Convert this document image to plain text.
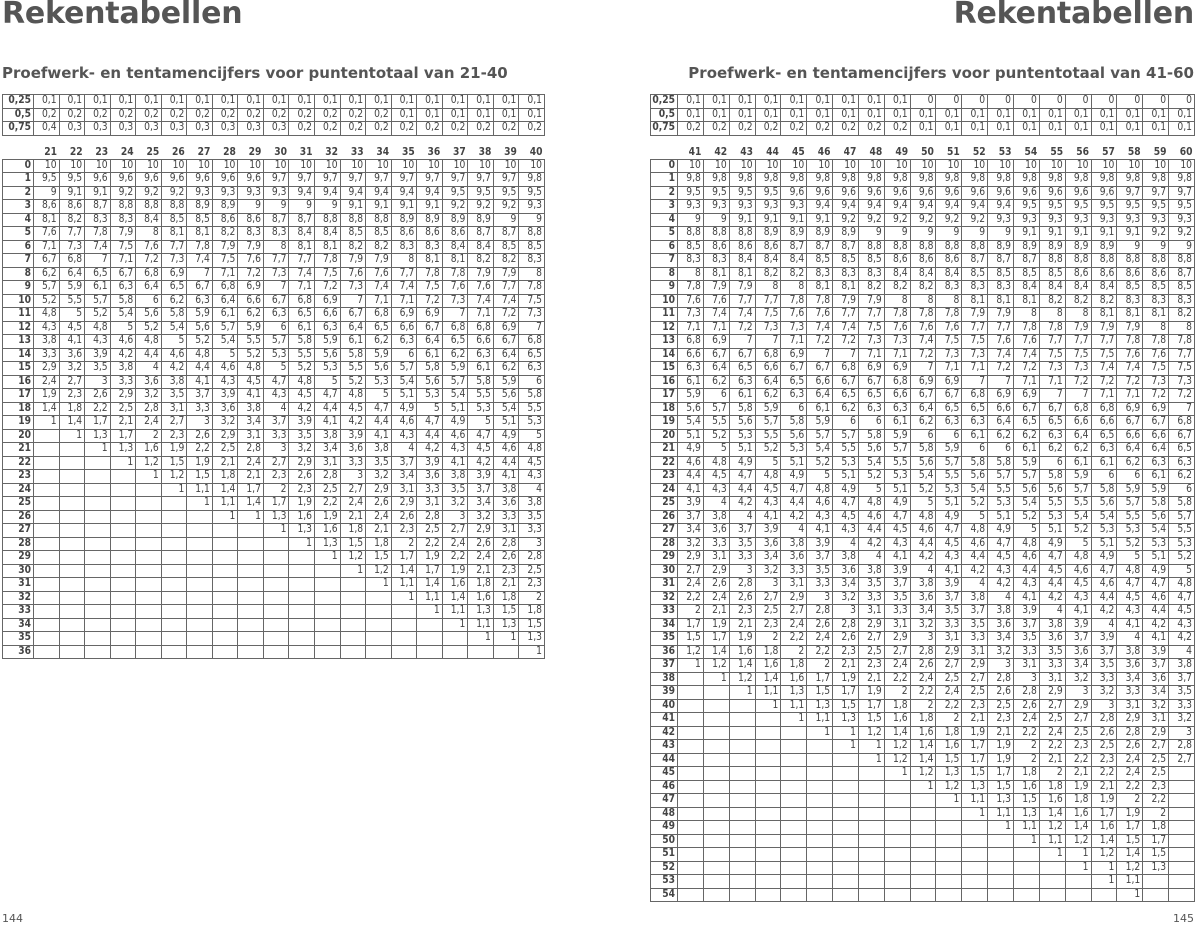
Rekentabellen
Proefwerk- en tentamencijfers voor puntentotaal van 21-40
0,25	0,1	0,1	0,1	0,1	0,1	0,1	0,1	0,1	0,1	0,1	0,1	0,1	0,1	0,1	0,1	0,1	0,1	0,1	0,1	0,1
0,5	0,2	0,2	0,2	0,2	0,2	0,2	0,2	0,2	0,2	0,2	0,2	0,2	0,2	0,2	0,1	0,1	0,1	0,1	0,1	0,1
0,75	0,4	0,3	0,3	0,3	0,3	0,3	0,3	0,3	0,3	0,3	0,2	0,2	0,2	0,2	0,2	0,2	0,2	0,2	0,2	0,2

	21	22	23	24	25	26	27	28	29	30	31	32	33	34	35	36	37	38	39	40
0	10	10	10	10	10	10	10	10	10	10	10	10	10	10	10	10	10	10	10	10
1	9,5	9,5	9,6	9,6	9,6	9,6	9,6	9,6	9,6	9,7	9,7	9,7	9,7	9,7	9,7	9,7	9,7	9,7	9,7	9,8
2	9	9,1	9,1	9,2	9,2	9,2	9,3	9,3	9,3	9,3	9,4	9,4	9,4	9,4	9,4	9,4	9,5	9,5	9,5	9,5
3	8,6	8,6	8,7	8,8	8,8	8,8	8,9	8,9	9	9	9	9	9,1	9,1	9,1	9,1	9,2	9,2	9,2	9,3
4	8,1	8,2	8,3	8,3	8,4	8,5	8,5	8,6	8,6	8,7	8,7	8,8	8,8	8,8	8,9	8,9	8,9	8,9	9	9
5	7,6	7,7	7,8	7,9	8	8,1	8,1	8,2	8,3	8,3	8,4	8,4	8,5	8,5	8,6	8,6	8,6	8,7	8,7	8,8
6	7,1	7,3	7,4	7,5	7,6	7,7	7,8	7,9	7,9	8	8,1	8,1	8,2	8,2	8,3	8,3	8,4	8,4	8,5	8,5
7	6,7	6,8	7	7,1	7,2	7,3	7,4	7,5	7,6	7,7	7,7	7,8	7,9	7,9	8	8,1	8,1	8,2	8,2	8,3
8	6,2	6,4	6,5	6,7	6,8	6,9	7	7,1	7,2	7,3	7,4	7,5	7,6	7,6	7,7	7,8	7,8	7,9	7,9	8
9	5,7	5,9	6,1	6,3	6,4	6,5	6,7	6,8	6,9	7	7,1	7,2	7,3	7,4	7,4	7,5	7,6	7,6	7,7	7,8
10	5,2	5,5	5,7	5,8	6	6,2	6,3	6,4	6,6	6,7	6,8	6,9	7	7,1	7,1	7,2	7,3	7,4	7,4	7,5
11	4,8	5	5,2	5,4	5,6	5,8	5,9	6,1	6,2	6,3	6,5	6,6	6,7	6,8	6,9	6,9	7	7,1	7,2	7,3
12	4,3	4,5	4,8	5	5,2	5,4	5,6	5,7	5,9	6	6,1	6,3	6,4	6,5	6,6	6,7	6,8	6,8	6,9	7
13	3,8	4,1	4,3	4,6	4,8	5	5,2	5,4	5,5	5,7	5,8	5,9	6,1	6,2	6,3	6,4	6,5	6,6	6,7	6,8
14	3,3	3,6	3,9	4,2	4,4	4,6	4,8	5	5,2	5,3	5,5	5,6	5,8	5,9	6	6,1	6,2	6,3	6,4	6,5
15	2,9	3,2	3,5	3,8	4	4,2	4,4	4,6	4,8	5	5,2	5,3	5,5	5,6	5,7	5,8	5,9	6,1	6,2	6,3
16	2,4	2,7	3	3,3	3,6	3,8	4,1	4,3	4,5	4,7	4,8	5	5,2	5,3	5,4	5,6	5,7	5,8	5,9	6
17	1,9	2,3	2,6	2,9	3,2	3,5	3,7	3,9	4,1	4,3	4,5	4,7	4,8	5	5,1	5,3	5,4	5,5	5,6	5,8
18	1,4	1,8	2,2	2,5	2,8	3,1	3,3	3,6	3,8	4	4,2	4,4	4,5	4,7	4,9	5	5,1	5,3	5,4	5,5
19	1	1,4	1,7	2,1	2,4	2,7	3	3,2	3,4	3,7	3,9	4,1	4,2	4,4	4,6	4,7	4,9	5	5,1	5,3
20		1	1,3	1,7	2	2,3	2,6	2,9	3,1	3,3	3,5	3,8	3,9	4,1	4,3	4,4	4,6	4,7	4,9	5
21			1	1,3	1,6	1,9	2,2	2,5	2,8	3	3,2	3,4	3,6	3,8	4	4,2	4,3	4,5	4,6	4,8
22				1	1,2	1,5	1,9	2,1	2,4	2,7	2,9	3,1	3,3	3,5	3,7	3,9	4,1	4,2	4,4	4,5
23					1	1,2	1,5	1,8	2,1	2,3	2,6	2,8	3	3,2	3,4	3,6	3,8	3,9	4,1	4,3
24						1	1,1	1,4	1,7	2	2,3	2,5	2,7	2,9	3,1	3,3	3,5	3,7	3,8	4
25							1	1,1	1,4	1,7	1,9	2,2	2,4	2,6	2,9	3,1	3,2	3,4	3,6	3,8
26								1	1	1,3	1,6	1,9	2,1	2,4	2,6	2,8	3	3,2	3,3	3,5
27										1	1,3	1,6	1,8	2,1	2,3	2,5	2,7	2,9	3,1	3,3
28											1	1,3	1,5	1,8	2	2,2	2,4	2,6	2,8	3
29												1	1,2	1,5	1,7	1,9	2,2	2,4	2,6	2,8
30													1	1,2	1,4	1,7	1,9	2,1	2,3	2,5
31														1	1,1	1,4	1,6	1,8	2,1	2,3
32															1	1,1	1,4	1,6	1,8	2
33																1	1,1	1,3	1,5	1,8
34																	1	1,1	1,3	1,5
35																		1	1	1,3
36																				1
144
Rekentabellen
Proefwerk- en tentamencijfers voor puntentotaal van 41-60
0,25	0,1	0,1	0,1	0,1	0,1	0,1	0,1	0,1	0,1	0	0	0	0	0	0	0	0	0	0	0
0,5	0,1	0,1	0,1	0,1	0,1	0,1	0,1	0,1	0,1	0,1	0,1	0,1	0,1	0,1	0,1	0,1	0,1	0,1	0,1	0,1
0,75	0,2	0,2	0,2	0,2	0,2	0,2	0,2	0,2	0,2	0,1	0,1	0,1	0,1	0,1	0,1	0,1	0,1	0,1	0,1	0,1

	41	42	43	44	45	46	47	48	49	50	51	52	53	54	55	56	57	58	59	60
0	10	10	10	10	10	10	10	10	10	10	10	10	10	10	10	10	10	10	10	10
1	9,8	9,8	9,8	9,8	9,8	9,8	9,8	9,8	9,8	9,8	9,8	9,8	9,8	9,8	9,8	9,8	9,8	9,8	9,8	9,8
2	9,5	9,5	9,5	9,5	9,6	9,6	9,6	9,6	9,6	9,6	9,6	9,6	9,6	9,6	9,6	9,6	9,6	9,7	9,7	9,7
3	9,3	9,3	9,3	9,3	9,3	9,4	9,4	9,4	9,4	9,4	9,4	9,4	9,4	9,5	9,5	9,5	9,5	9,5	9,5	9,5
4	9	9	9,1	9,1	9,1	9,1	9,2	9,2	9,2	9,2	9,2	9,2	9,3	9,3	9,3	9,3	9,3	9,3	9,3	9,3
5	8,8	8,8	8,8	8,9	8,9	8,9	8,9	9	9	9	9	9	9	9,1	9,1	9,1	9,1	9,1	9,2	9,2
6	8,5	8,6	8,6	8,6	8,7	8,7	8,7	8,8	8,8	8,8	8,8	8,8	8,9	8,9	8,9	8,9	8,9	9	9	9
7	8,3	8,3	8,4	8,4	8,4	8,5	8,5	8,5	8,6	8,6	8,6	8,7	8,7	8,7	8,8	8,8	8,8	8,8	8,8	8,8
8	8	8,1	8,1	8,2	8,2	8,3	8,3	8,3	8,4	8,4	8,4	8,5	8,5	8,5	8,5	8,6	8,6	8,6	8,6	8,7
9	7,8	7,9	7,9	8	8	8,1	8,1	8,2	8,2	8,2	8,3	8,3	8,3	8,4	8,4	8,4	8,4	8,5	8,5	8,5
10	7,6	7,6	7,7	7,7	7,8	7,8	7,9	7,9	8	8	8	8,1	8,1	8,1	8,2	8,2	8,2	8,3	8,3	8,3
11	7,3	7,4	7,4	7,5	7,6	7,6	7,7	7,7	7,8	7,8	7,8	7,9	7,9	8	8	8	8,1	8,1	8,1	8,2
12	7,1	7,1	7,2	7,3	7,3	7,4	7,4	7,5	7,6	7,6	7,6	7,7	7,7	7,8	7,8	7,9	7,9	7,9	8	8
13	6,8	6,9	7	7	7,1	7,2	7,2	7,3	7,3	7,4	7,5	7,5	7,6	7,6	7,7	7,7	7,7	7,8	7,8	7,8
14	6,6	6,7	6,7	6,8	6,9	7	7	7,1	7,1	7,2	7,3	7,3	7,4	7,4	7,5	7,5	7,5	7,6	7,6	7,7
15	6,3	6,4	6,5	6,6	6,7	6,7	6,8	6,9	6,9	7	7,1	7,1	7,2	7,2	7,3	7,3	7,4	7,4	7,5	7,5
16	6,1	6,2	6,3	6,4	6,5	6,6	6,7	6,7	6,8	6,9	6,9	7	7	7,1	7,1	7,2	7,2	7,2	7,3	7,3
17	5,9	6	6,1	6,2	6,3	6,4	6,5	6,5	6,6	6,7	6,7	6,8	6,9	6,9	7	7	7,1	7,1	7,2	7,2
18	5,6	5,7	5,8	5,9	6	6,1	6,2	6,3	6,3	6,4	6,5	6,5	6,6	6,7	6,7	6,8	6,8	6,9	6,9	7
19	5,4	5,5	5,6	5,7	5,8	5,9	6	6	6,1	6,2	6,3	6,3	6,4	6,5	6,5	6,6	6,6	6,7	6,7	6,8
20	5,1	5,2	5,3	5,5	5,6	5,7	5,7	5,8	5,9	6	6	6,1	6,2	6,2	6,3	6,4	6,5	6,6	6,6	6,7
21	4,9	5	5,1	5,2	5,3	5,4	5,5	5,6	5,7	5,8	5,9	6	6	6,1	6,2	6,2	6,3	6,4	6,4	6,5
22	4,6	4,8	4,9	5	5,1	5,2	5,3	5,4	5,5	5,6	5,7	5,8	5,8	5,9	6	6,1	6,1	6,2	6,3	6,3
23	4,4	4,5	4,7	4,8	4,9	5	5,1	5,2	5,3	5,4	5,5	5,6	5,7	5,7	5,8	5,9	6	6	6,1	6,2
24	4,1	4,3	4,4	4,5	4,7	4,8	4,9	5	5,1	5,2	5,3	5,4	5,5	5,6	5,6	5,7	5,8	5,9	5,9	6
25	3,9	4	4,2	4,3	4,4	4,6	4,7	4,8	4,9	5	5,1	5,2	5,3	5,4	5,5	5,5	5,6	5,7	5,8	5,8
26	3,7	3,8	4	4,1	4,2	4,3	4,5	4,6	4,7	4,8	4,9	5	5,1	5,2	5,3	5,4	5,4	5,5	5,6	5,7
27	3,4	3,6	3,7	3,9	4	4,1	4,3	4,4	4,5	4,6	4,7	4,8	4,9	5	5,1	5,2	5,3	5,3	5,4	5,5
28	3,2	3,3	3,5	3,6	3,8	3,9	4	4,2	4,3	4,4	4,5	4,6	4,7	4,8	4,9	5	5,1	5,2	5,3	5,3
29	2,9	3,1	3,3	3,4	3,6	3,7	3,8	4	4,1	4,2	4,3	4,4	4,5	4,6	4,7	4,8	4,9	5	5,1	5,2
30	2,7	2,9	3	3,2	3,3	3,5	3,6	3,8	3,9	4	4,1	4,2	4,3	4,4	4,5	4,6	4,7	4,8	4,9	5
31	2,4	2,6	2,8	3	3,1	3,3	3,4	3,5	3,7	3,8	3,9	4	4,2	4,3	4,4	4,5	4,6	4,7	4,7	4,8
32	2,2	2,4	2,6	2,7	2,9	3	3,2	3,3	3,5	3,6	3,7	3,8	4	4,1	4,2	4,3	4,4	4,5	4,6	4,7
33	2	2,1	2,3	2,5	2,7	2,8	3	3,1	3,3	3,4	3,5	3,7	3,8	3,9	4	4,1	4,2	4,3	4,4	4,5
34	1,7	1,9	2,1	2,3	2,4	2,6	2,8	2,9	3,1	3,2	3,3	3,5	3,6	3,7	3,8	3,9	4	4,1	4,2	4,3
35	1,5	1,7	1,9	2	2,2	2,4	2,6	2,7	2,9	3	3,1	3,3	3,4	3,5	3,6	3,7	3,9	4	4,1	4,2
36	1,2	1,4	1,6	1,8	2	2,2	2,3	2,5	2,7	2,8	2,9	3,1	3,2	3,3	3,5	3,6	3,7	3,8	3,9	4
37	1	1,2	1,4	1,6	1,8	2	2,1	2,3	2,4	2,6	2,7	2,9	3	3,1	3,3	3,4	3,5	3,6	3,7	3,8
38		1	1,2	1,4	1,6	1,7	1,9	2,1	2,2	2,4	2,5	2,7	2,8	3	3,1	3,2	3,3	3,4	3,6	3,7
39			1	1,1	1,3	1,5	1,7	1,9	2	2,2	2,4	2,5	2,6	2,8	2,9	3	3,2	3,3	3,4	3,5
40				1	1,1	1,3	1,5	1,7	1,8	2	2,2	2,3	2,5	2,6	2,7	2,9	3	3,1	3,2	3,3
41					1	1,1	1,3	1,5	1,6	1,8	2	2,1	2,3	2,4	2,5	2,7	2,8	2,9	3,1	3,2
42						1	1	1,2	1,4	1,6	1,8	1,9	2,1	2,2	2,4	2,5	2,6	2,8	2,9	3
43							1	1	1,2	1,4	1,6	1,7	1,9	2	2,2	2,3	2,5	2,6	2,7	2,8
44								1	1,2	1,4	1,5	1,7	1,9	2	2,1	2,2	2,3	2,4	2,5	2,7
45									1	1,2	1,3	1,5	1,7	1,8	2	2,1	2,2	2,4	2,5	
46										1	1,2	1,3	1,5	1,6	1,8	1,9	2,1	2,2	2,3	
47											1	1,1	1,3	1,5	1,6	1,8	1,9	2	2,2	
48												1	1,1	1,3	1,4	1,6	1,7	1,9	2	
49													1	1,1	1,2	1,4	1,6	1,7	1,8	
50														1	1,1	1,2	1,4	1,5	1,7	
51															1	1	1,2	1,4	1,5	
52																1	1	1,2	1,3	
53																	1	1,1		
54																		1		
145
